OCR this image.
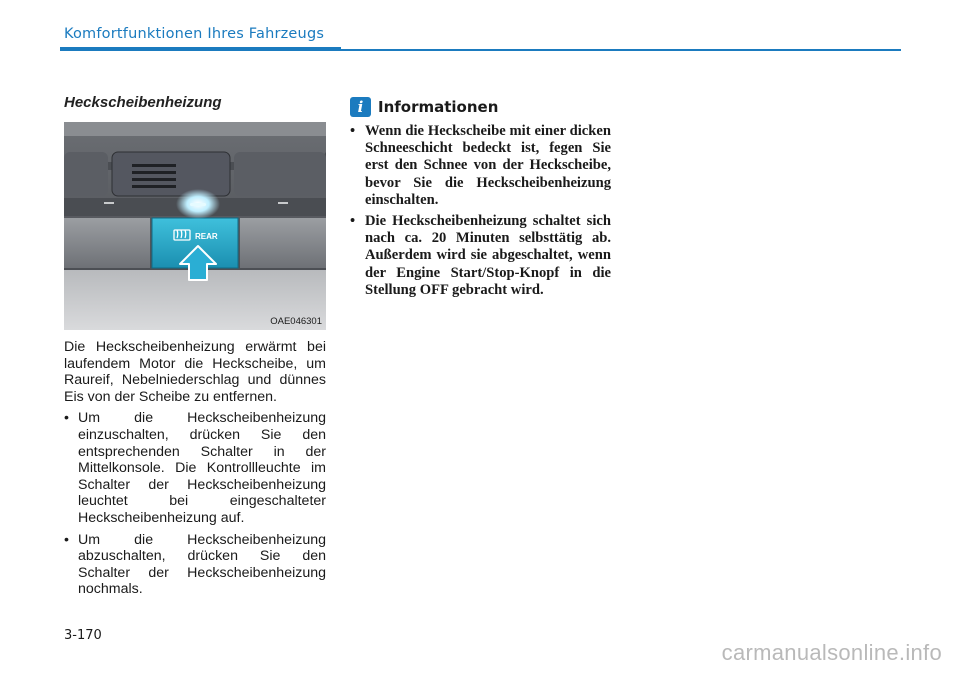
Komfortfunktionen Ihres Fahrzeugs
Heckscheibenheizung
REAR
OAE046301

Die Heckscheibenheizung erwärmt bei laufendem Motor die Heckscheibe, um Raureif, Nebelniederschlag und dünnes Eis von der Scheibe zu entfernen.

• Um die Heckscheibenheizung einzuschalten, drücken Sie den entsprechenden Schalter in der Mittelkonsole. Die Kontrollleuchte im Schalter der Heckscheibenheizung leuchtet bei eingeschalteter Heckscheibenheizung auf.
• Um die Heckscheibenheizung abzuschalten, drücken Sie den Schalter der Heckscheibenheizung nochmals.
i Informationen
• Wenn die Heckscheibe mit einer dicken Schneeschicht bedeckt ist, fegen Sie erst den Schnee von der Heckscheibe, bevor Sie die Heckscheibenheizung einschalten.
• Die Heckscheibenheizung schaltet sich nach ca. 20 Minuten selbsttätig ab. Außerdem wird sie abgeschaltet, wenn der Engine Start/Stop-Knopf in die Stellung OFF gebracht wird.
3-170
carmanualsonline.info
